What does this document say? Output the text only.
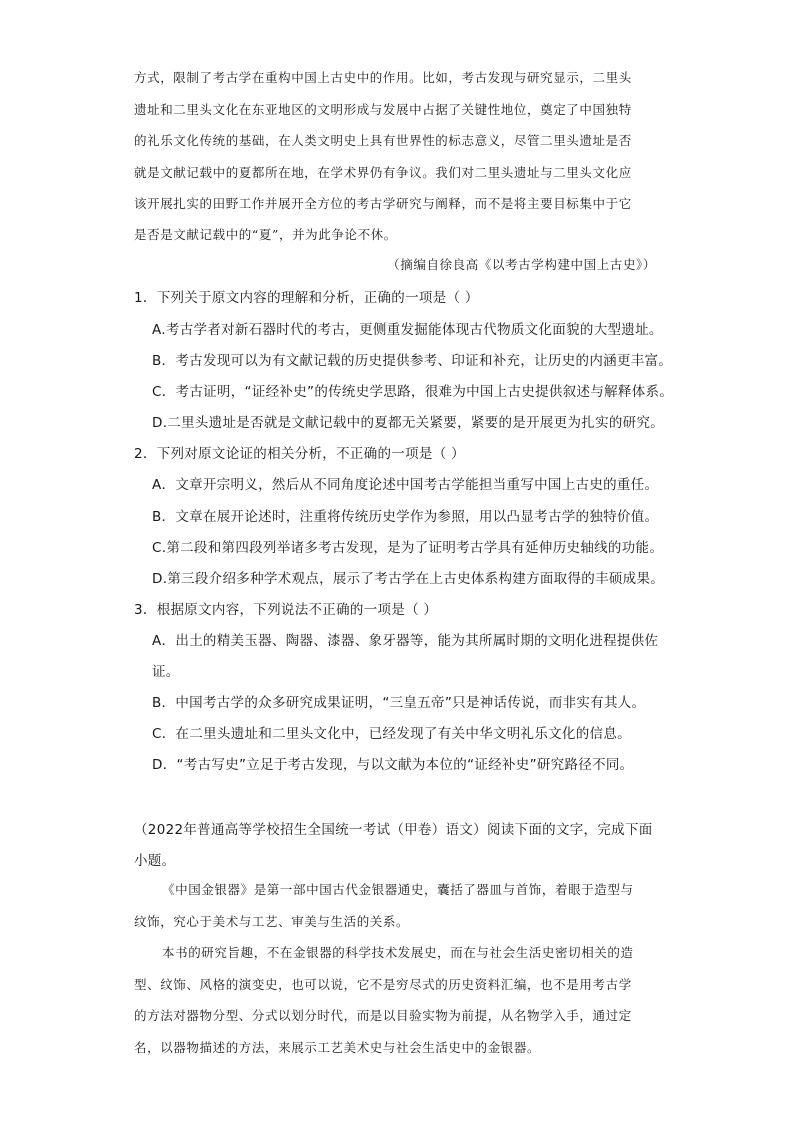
方式，限制了考古学在重构中国上古史中的作用。比如，考古发现与研究显示，二里头
遗址和二里头文化在东亚地区的文明形成与发展中占据了关键性地位，奠定了中国独特
的礼乐文化传统的基础，在人类文明史上具有世界性的标志意义，尽管二里头遗址是否
就是文献记载中的夏都所在地，在学术界仍有争议。我们对二里头遗址与二里头文化应
该开展扎实的田野工作并展开全方位的考古学研究与阐释，而不是将主要目标集中于它
是否是文献记载中的“夏”，并为此争论不休。
（摘编自徐良高《以考古学构建中国上古史》）
1．下列关于原文内容的理解和分析，正确的一项是（ ）
A.考古学者对新石器时代的考古，更侧重发掘能体现古代物质文化面貌的大型遗址。
B．考古发现可以为有文献记载的历史提供参考、印证和补充，让历史的内涵更丰富。
C．考古证明，“证经补史”的传统史学思路，很难为中国上古史提供叙述与解释体系。
D.二里头遗址是否就是文献记载中的夏都无关紧要，紧要的是开展更为扎实的研究。
2．下列对原文论证的相关分析，不正确的一项是（ ）
A．文章开宗明义，然后从不同角度论述中国考古学能担当重写中国上古史的重任。
B．文章在展开论述时，注重将传统历史学作为参照，用以凸显考古学的独特价值。
C.第二段和第四段列举诸多考古发现，是为了证明考古学具有延伸历史轴线的功能。
D.第三段介绍多种学术观点，展示了考古学在上古史体系构建方面取得的丰硕成果。
3．根据原文内容，下列说法不正确的一项是（ ）
A．出土的精美玉器、陶器、漆器、象牙器等，能为其所属时期的文明化进程提供佐
证。
B．中国考古学的众多研究成果证明，“三皇五帝”只是神话传说，而非实有其人。
C．在二里头遗址和二里头文化中，已经发现了有关中华文明礼乐文化的信息。
D．“考古写史”立足于考古发现，与以文献为本位的“证经补史”研究路径不同。
（2022年普通高等学校招生全国统一考试（甲卷）语文）阅读下面的文字，完成下面
小题。
《中国金银器》是第一部中国古代金银器通史，囊括了器皿与首饰，着眼于造型与
纹饰，究心于美术与工艺、审美与生活的关系。
本书的研究旨趣，不在金银器的科学技术发展史，而在与社会生活史密切相关的造
型、纹饰、风格的演变史，也可以说，它不是穷尽式的历史资料汇编，也不是用考古学
的方法对器物分型、分式以划分时代，而是以目验实物为前提，从名物学入手，通过定
名，以器物描述的方法，来展示工艺美术史与社会生活史中的金银器。
